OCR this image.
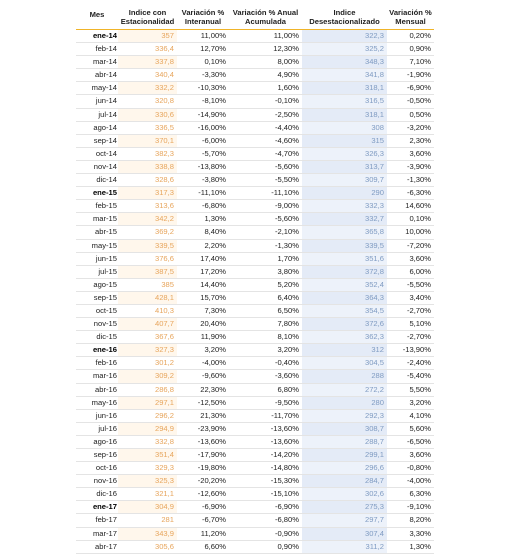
Mes	Indice con Estacionalidad	Variación % Interanual	Variación % Anual Acumulada	Indice Desestacionalizado	Variación % Mensual
ene-14	357	11,00%	11,00%	322,3	0,20%
feb-14	336,4	12,70%	12,30%	325,2	0,90%
mar-14	337,8	0,10%	8,00%	348,3	7,10%
abr-14	340,4	-3,30%	4,90%	341,8	-1,90%
may-14	332,2	-10,30%	1,60%	318,1	-6,90%
jun-14	320,8	-8,10%	-0,10%	316,5	-0,50%
jul-14	330,6	-14,90%	-2,50%	318,1	0,50%
ago-14	336,5	-16,00%	-4,40%	308	-3,20%
sep-14	370,1	-6,00%	-4,60%	315	2,30%
oct-14	382,3	-5,70%	-4,70%	326,3	3,60%
nov-14	338,8	-13,80%	-5,60%	313,7	-3,90%
dic-14	328,6	-3,80%	-5,50%	309,7	-1,30%
ene-15	317,3	-11,10%	-11,10%	290	-6,30%
feb-15	313,6	-6,80%	-9,00%	332,3	14,60%
mar-15	342,2	1,30%	-5,60%	332,7	0,10%
abr-15	369,2	8,40%	-2,10%	365,8	10,00%
may-15	339,5	2,20%	-1,30%	339,5	-7,20%
jun-15	376,6	17,40%	1,70%	351,6	3,60%
jul-15	387,5	17,20%	3,80%	372,8	6,00%
ago-15	385	14,40%	5,20%	352,4	-5,50%
sep-15	428,1	15,70%	6,40%	364,3	3,40%
oct-15	410,3	7,30%	6,50%	354,5	-2,70%
nov-15	407,7	20,40%	7,80%	372,6	5,10%
dic-15	367,6	11,90%	8,10%	362,3	-2,70%
ene-16	327,3	3,20%	3,20%	312	-13,90%
feb-16	301,2	-4,00%	-0,40%	304,5	-2,40%
mar-16	309,2	-9,60%	-3,60%	288	-5,40%
abr-16	286,8	22,30%	6,80%	272,2	5,50%
may-16	297,1	-12,50%	-9,50%	280	3,20%
jun-16	296,2	21,30%	-11,70%	292,3	4,10%
jul-16	294,9	-23,90%	-13,60%	308,7	5,60%
ago-16	332,8	-13,60%	-13,60%	288,7	-6,50%
sep-16	351,4	-17,90%	-14,20%	299,1	3,60%
oct-16	329,3	-19,80%	-14,80%	296,6	-0,80%
nov-16	325,3	-20,20%	-15,30%	284,7	-4,00%
dic-16	321,1	-12,60%	-15,10%	302,6	6,30%
ene-17	304,9	-6,90%	-6,90%	275,3	-9,10%
feb-17	281	-6,70%	-6,80%	297,7	8,20%
mar-17	343,9	11,20%	-0,90%	307,4	3,30%
abr-17	305,6	6,60%	0,90%	311,2	1,30%
